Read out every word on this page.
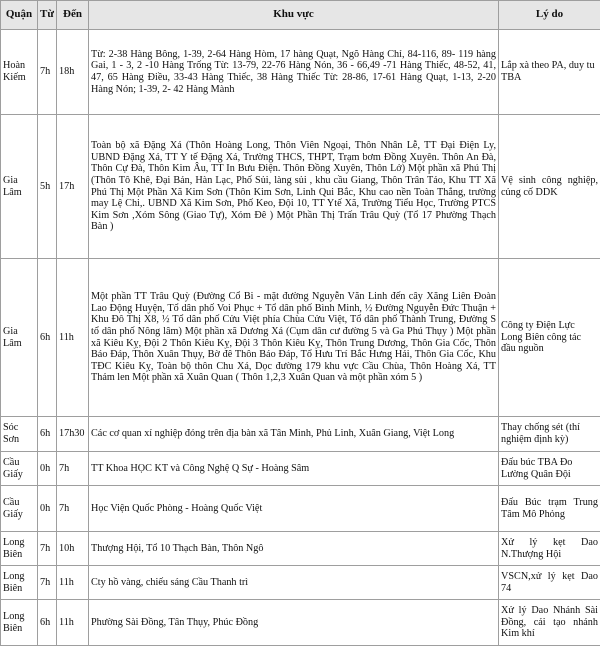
Quận	Từ	Đến	Khu vực	Lý do
Hoàn Kiếm	7h	18h	Từ: 2-38 Hàng Bông, 1-39, 2-64 Hàng Hòm, 17 hàng Quạt, Ngõ Hàng Chỉ, 84-116, 89- 119 hàng Gai, 1 - 3, 2 -10 Hàng Trống Từ: 13-79, 22-76 Hàng Nón, 36 - 66,49 -71 Hàng Thiếc, 48-52, 41, 47, 65 Hàng Điều, 33-43 Hàng Thiếc, 38 Hàng Thiếc Từ: 28-86, 17-61 Hàng Quạt, 1-13, 2-20 Hàng Nón; 1-39, 2- 42 Hàng Mành	Lắp xà theo PA, duy tu TBA
Gia Lâm	5h	17h	Toàn bộ xã Đặng Xá (Thôn Hoàng Long, Thôn Viên Ngoại, Thôn Nhân Lễ, TT Đại Điện Ly, UBND Đặng Xá, TT Y tế Đặng Xá, Trường THCS, THPT, Trạm bơm Đồng Xuyên. Thôn An Đà, Thôn Cự Đà, Thôn Kim Âu, TT In Bưu Điện. Thôn Đồng Xuyên, Thôn Lở) Một phần xã Phú Thị (Thôn Tô Khê, Đại Bản, Hàn Lạc, Phố Sủi, làng sủi , khu cầu Giang, Thôn Trân Tảo, Khu TT Xã Phú Thị Một Phần Xã Kim Sơn (Thôn Kim Sơn, Linh Qui Bắc, Khu cao nền Toàn Thắng, trường may Lệ Chi,. UBND Xã Kim Sơn, Phố Keo, Đội 10, TT Ytế Xã, Trường Tiểu Học, Trường PTCS Kim Sơn ,Xóm Sông (Giao Tự), Xóm Đê ) Một Phần Thị Trấn Trâu Quỳ (Tổ 17 Phường Thạch Bàn )	Vệ sinh công nghiệp, củng cố DDK
Gia Lâm	6h	11h	Một phần TT Trâu Quỳ (Đường Cổ Bi - mặt đường Nguyễn Văn Linh đến cây Xăng Liên Đoàn Lao Động Huyện, Tổ dân phố Voi Phục + Tổ dân phố Bình Minh, ½ Đường Nguyễn Đức Thuận + Khu Đô Thị X8, ½ Tổ dân phố Cửu Việt phía Chùa Cửu Việt, Tổ dân phố Thành Trung, Đường S tổ dân phố Nông lâm) Một phần xã Dương Xá (Cụm dân cư đường 5 và Ga Phú Thụy ) Một phần xã Kiêu Kỵ, Đội 2 Thôn Kiêu Kỵ, Đội 3 Thôn Kiêu Kỵ, Thôn Trung Dương, Thôn Gia Cốc, Thôn Báo Đáp, Thôn Xuân Thụy, Bờ đê Thôn Báo Đáp, Tổ Hưu Trí Bắc Hưng Hải, Thôn Gia Cốc, Khu TĐC Kiêu Kỵ, Toàn bộ thôn Chu Xá, Dọc đường 179 khu vực Cầu Chùa, Thôn Hoàng Xá, TT Thảm len Một phần xã Xuân Quan ( Thôn 1,2,3 Xuân Quan và một phần xóm 5 )	Công ty Điện Lực Long Biên công tác đầu nguồn
Sóc Sơn	6h	17h30	Các cơ quan xí nghiệp đóng trên địa bàn xã Tân Minh, Phủ Linh, Xuân Giang, Việt Long	Thay chống sét (thí nghiệm định kỳ)
Cầu Giấy	0h	7h	TT Khoa HỌC KT và Công Nghệ Q Sự - Hoàng Sâm	Đấu búc TBA Đo Lường Quân Đội
Cầu Giấy	0h	7h	Học Viện Quốc Phòng - Hoàng Quốc Việt	Đấu Búc trạm Trung Tâm Mô Phỏng
Long Biên	7h	10h	Thượng Hội, Tổ 10 Thạch Bàn, Thôn Ngô	Xử lý kẹt Dao N.Thượng Hội
Long Biên	7h	11h	Cty hồ vàng, chiếu sáng Cầu Thanh trì	VSCN,xử lý kẹt Dao 74
Long Biên	6h	11h	Phường Sài Đồng, Tân Thụy, Phúc Đồng	Xử lý Dao Nhánh Sài Đồng, cải tạo nhánh Kim khí
